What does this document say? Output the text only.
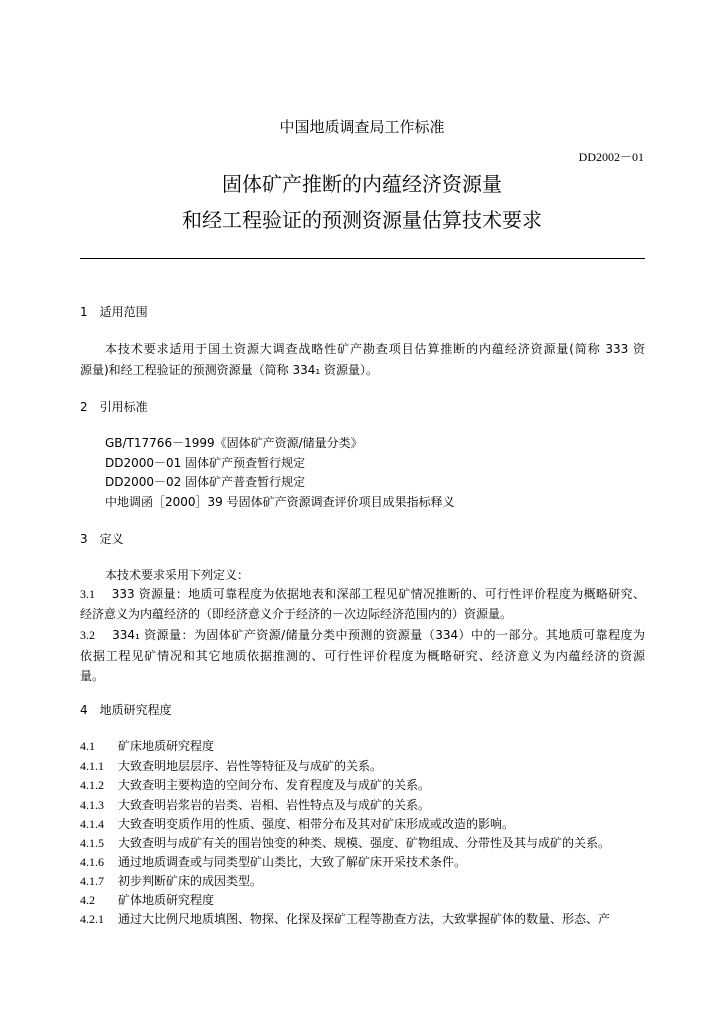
中国地质调查局工作标准
DD2002－01
固体矿产推断的内蕴经济资源量
和经工程验证的预测资源量估算技术要求
1　适用范围
本技术要求适用于国土资源大调查战略性矿产勘查项目估算推断的内蕴经济资源量(简称 333 资
源量)和经工程验证的预测资源量（简称 334₁ 资源量）。
2　引用标准
GB/T17766－1999《固体矿产资源/储量分类》
DD2000－01 固体矿产预查暂行规定
DD2000－02 固体矿产普查暂行规定
中地调函［2000］39 号固体矿产资源调查评价项目成果指标释义
3　定义
本技术要求采用下列定义：
3.1 333 资源量：地质可靠程度为依据地表和深部工程见矿情况推断的、可行性评价程度为概略研究、
经济意义为内蕴经济的（即经济意义介于经济的－次边际经济范围内的）资源量。
3.2 334₁ 资源量：为固体矿产资源/储量分类中预测的资源量（334）中的一部分。其地质可靠程度为
依据工程见矿情况和其它地质依据推测的、可行性评价程度为概略研究、经济意义为内蕴经济的资源
量。
4　地质研究程度
4.1 矿床地质研究程度
4.1.1 大致查明地层层序、岩性等特征及与成矿的关系。
4.1.2 大致查明主要构造的空间分布、发育程度及与成矿的关系。
4.1.3 大致查明岩浆岩的岩类、岩相、岩性特点及与成矿的关系。
4.1.4 大致查明变质作用的性质、强度、相带分布及其对矿床形成或改造的影响。
4.1.5 大致查明与成矿有关的围岩蚀变的种类、规模、强度、矿物组成、分带性及其与成矿的关系。
4.1.6 通过地质调查或与同类型矿山类比，大致了解矿床开采技术条件。
4.1.7 初步判断矿床的成因类型。
4.2 矿体地质研究程度
4.2.1 通过大比例尺地质填图、物探、化探及探矿工程等勘查方法，大致掌握矿体的数量、形态、产
